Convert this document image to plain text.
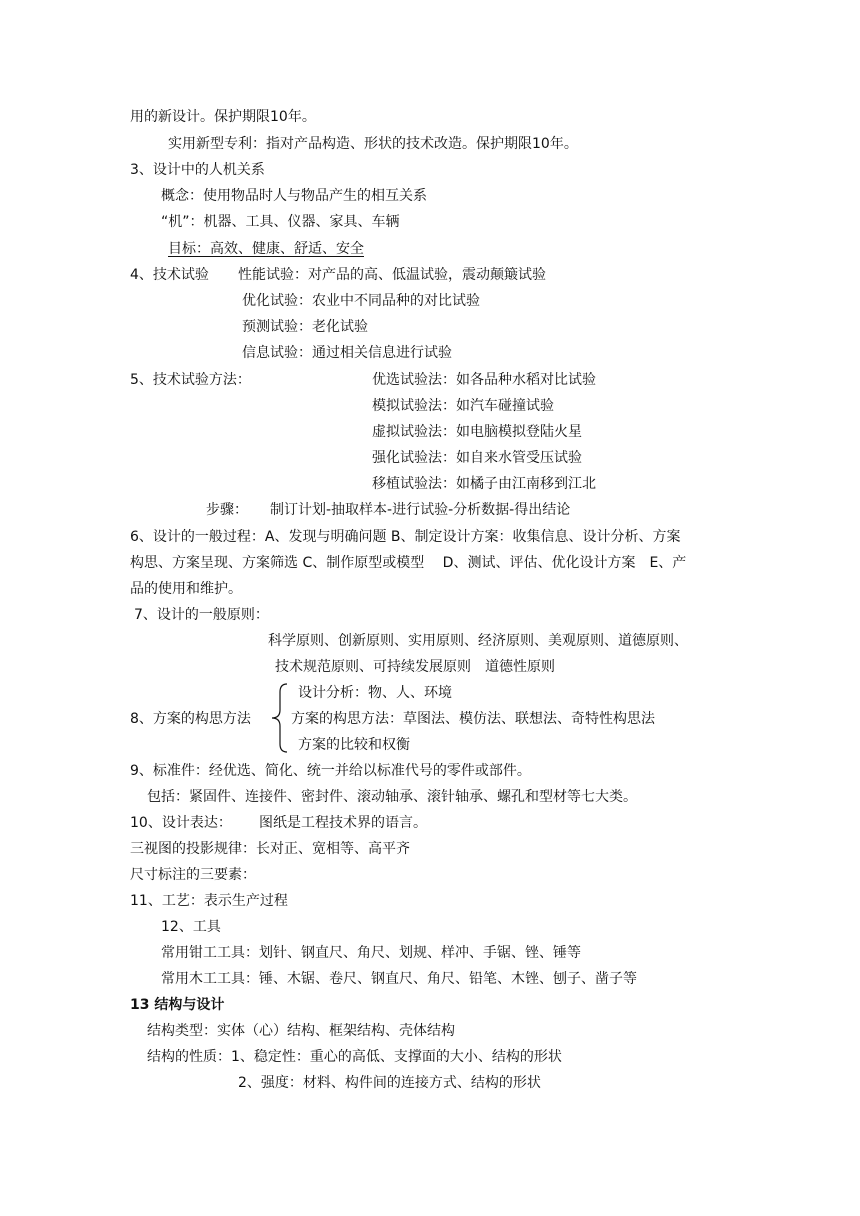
用的新设计。保护期限10年。
实用新型专利：指对产品构造、形状的技术改造。保护期限10年。
3、设计中的人机关系
概念：使用物品时人与物品产生的相互关系
“机”：机器、工具、仪器、家具、车辆
目标：高效、健康、舒适、安全
4、技术试验 性能试验：对产品的高、低温试验，震动颠簸试验
优化试验：农业中不同品种的对比试验
预测试验：老化试验
信息试验：通过相关信息进行试验
5、技术试验方法：	优选试验法：如各品种水稻对比试验
模拟试验法：如汽车碰撞试验
虚拟试验法：如电脑模拟登陆火星
强化试验法：如自来水管受压试验
移植试验法：如橘子由江南移到江北
步骤： 制订计划-抽取样本-进行试验-分析数据-得出结论
6、设计的一般过程：A、发现与明确问题 B、制定设计方案：收集信息、设计分析、方案
构思、方案呈现、方案筛选 C、制作原型或模型　 D、测试、评估、优化设计方案　E、产
品的使用和维护。
7、设计的一般原则：
科学原则、创新原则、实用原则、经济原则、美观原则、道德原则、
技术规范原则、可持续发展原则　道德性原则
设计分析：物、人、环境
8、方案的构思方法	方案的构思方法：草图法、模仿法、联想法、奇特性构思法
方案的比较和权衡
9、标准件：经优选、简化、统一并给以标准代号的零件或部件。
包括：紧固件、连接件、密封件、滚动轴承、滚针轴承、螺孔和型材等七大类。
10、设计表达： 图纸是工程技术界的语言。
三视图的投影规律：长对正、宽相等、高平齐
尺寸标注的三要素：
11、工艺：表示生产过程
12、工具
常用钳工工具：划针、钢直尺、角尺、划规、样冲、手锯、锉、锤等
常用木工工具：锤、木锯、卷尺、钢直尺、角尺、铅笔、木锉、刨子、凿子等
13 结构与设计
结构类型：实体（心）结构、框架结构、壳体结构
结构的性质：1、稳定性：重心的高低、支撑面的大小、结构的形状
2、强度：材料、构件间的连接方式、结构的形状
